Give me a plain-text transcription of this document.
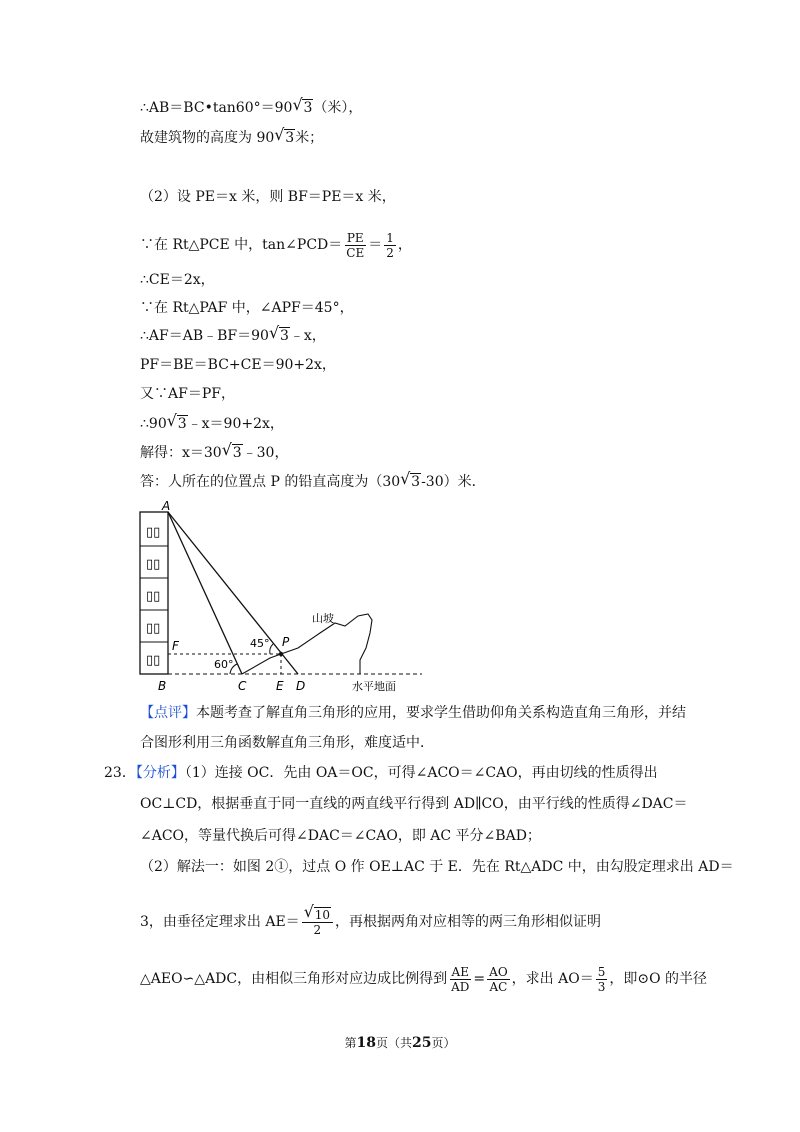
∴AB＝BC•tan60°＝90 √ 3（米），
故建筑物的高度为 90 √ 3米；
（2）设 PE＝x 米，则 BF＝PE＝x 米，
∵在 Rt△PCE 中，tan∠PCD＝ $\frac{PE}{CE} = \frac{1}{2}$ ，
∴CE＝2x，
∵在 Rt△PAF 中，∠APF＝45°，
∴AF＝AB﹣BF＝90 √ 3﹣x，
PF＝BE＝BC+CE＝90+2x，
又∵AF＝PF，
∴90 √ 3﹣x＝90+2x，
解得：x＝30 √ 3﹣30，
答：人所在的位置点 P 的铅直高度为（30 √ 3-30）米．
▯▯
▯▯
▯▯
▯▯
▯▯
A
F
B	C E D
P
60°
45°
山坡
水平地面
【点评】本题考查了解直角三角形的应用，要求学生借助仰角关系构造直角三角形，并结
合图形利用三角函数解直角三角形，难度适中．
23．【分析】（1）连接 OC．先由 OA＝OC，可得∠ACO＝∠CAO，再由切线的性质得出
OC⊥CD，根据垂直于同一直线的两直线平行得到 AD∥CO，由平行线的性质得∠DAC＝
∠ACO，等量代换后可得∠DAC＝∠CAO，即 AC 平分∠BAD；
（2）解法一：如图 2①，过点 O 作 OE⊥AC 于 E．先在 Rt△ADC 中，由勾股定理求出 AD＝
3，由垂径定理求出 AE＝ √ $\frac{10}{2}$ ，再根据两角对应相等的两三角形相似证明
△AEO∽△ADC，由相似三角形对应边成比例得到 $\frac{AE}{AD} = \frac{AO}{AC}$ ，求出 $AO= \frac{5}{3}$ ，即⊙O 的半径
第18页（共25页）
